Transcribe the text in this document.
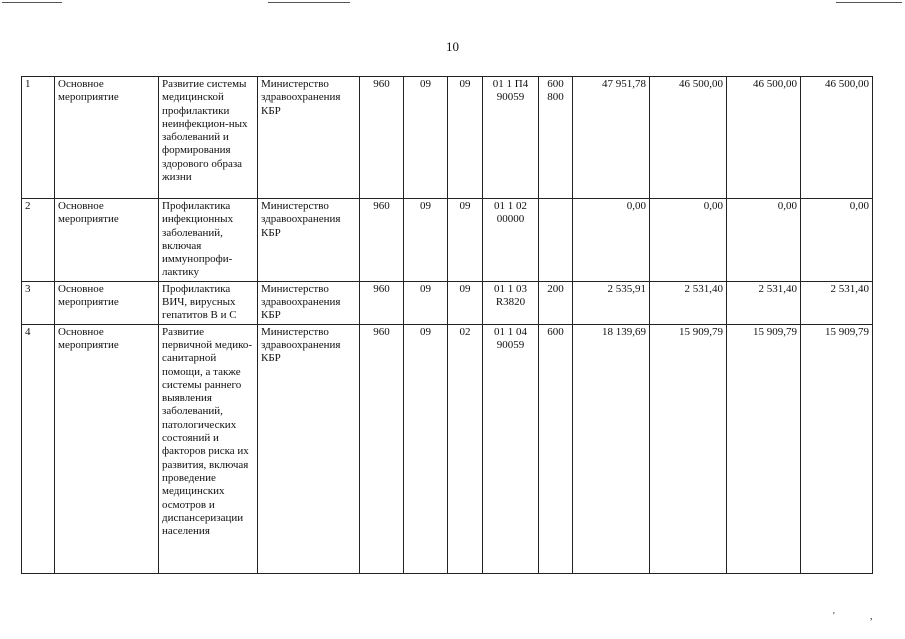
10
1	Основное мероприятие	Развитие системы медицинской профилактики неинфекцион-ных заболеваний и формирования здорового образа жизни	Министерство здравоохранения КБР	960	09	09	01 1 П4 90059	600 800	47 951,78	46 500,00	46 500,00	46 500,00
2	Основное мероприятие	Профилактика инфекционных заболеваний, включая иммунопрофи-лактику	Министерство здравоохранения КБР	960	09	09	01 1 02 00000		0,00	0,00	0,00	0,00
3	Основное мероприятие	Профилактика ВИЧ, вирусных гепатитов В и С	Министерство здравоохранения КБР	960	09	09	01 1 03 R3820	200	2 535,91	2 531,40	2 531,40	2 531,40
4	Основное мероприятие	Развитие первичной медико-санитарной помощи, а также системы раннего выявления заболеваний, патологических состояний и факторов риска их развития, включая проведение медицинских осмотров и диспансеризации населения	Министерство здравоохранения КБР	960	09	02	01 1 04 90059	600	18 139,69	15 909,79	15 909,79	15 909,79
'	,
